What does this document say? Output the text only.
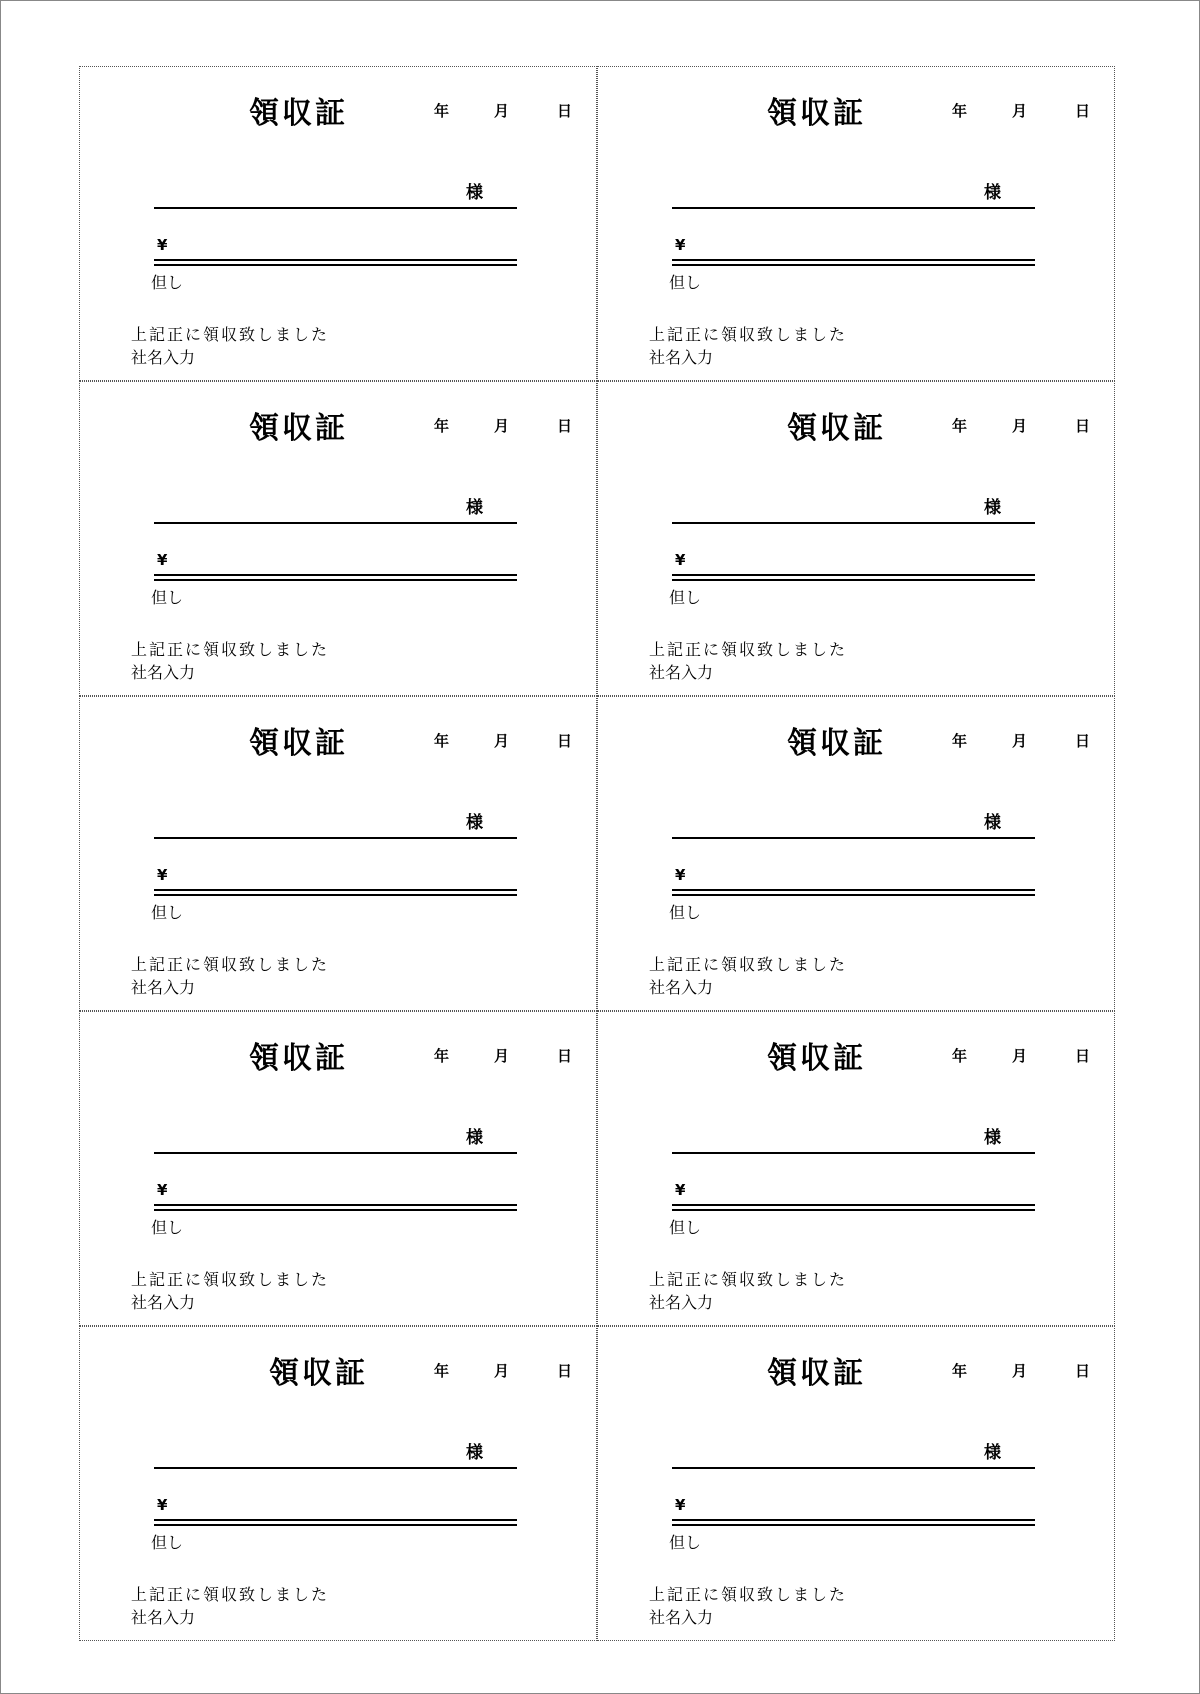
領収証	年	月	日
様
¥
但し
上記正に領収致しました
社名入力
領収証	年	月	日
様
¥
但し
上記正に領収致しました
社名入力
領収証	年	月	日
様
¥
但し
上記正に領収致しました
社名入力
領収証	年	月	日
様
¥
但し
上記正に領収致しました
社名入力
領収証	年	月	日
様
¥
但し
上記正に領収致しました
社名入力
領収証	年	月	日
様
¥
但し
上記正に領収致しました
社名入力
領収証	年	月	日
様
¥
但し
上記正に領収致しました
社名入力
領収証	年	月	日
様
¥
但し
上記正に領収致しました
社名入力
領収証	年	月	日
様
¥
但し
上記正に領収致しました
社名入力
領収証	年	月	日
様
¥
但し
上記正に領収致しました
社名入力
